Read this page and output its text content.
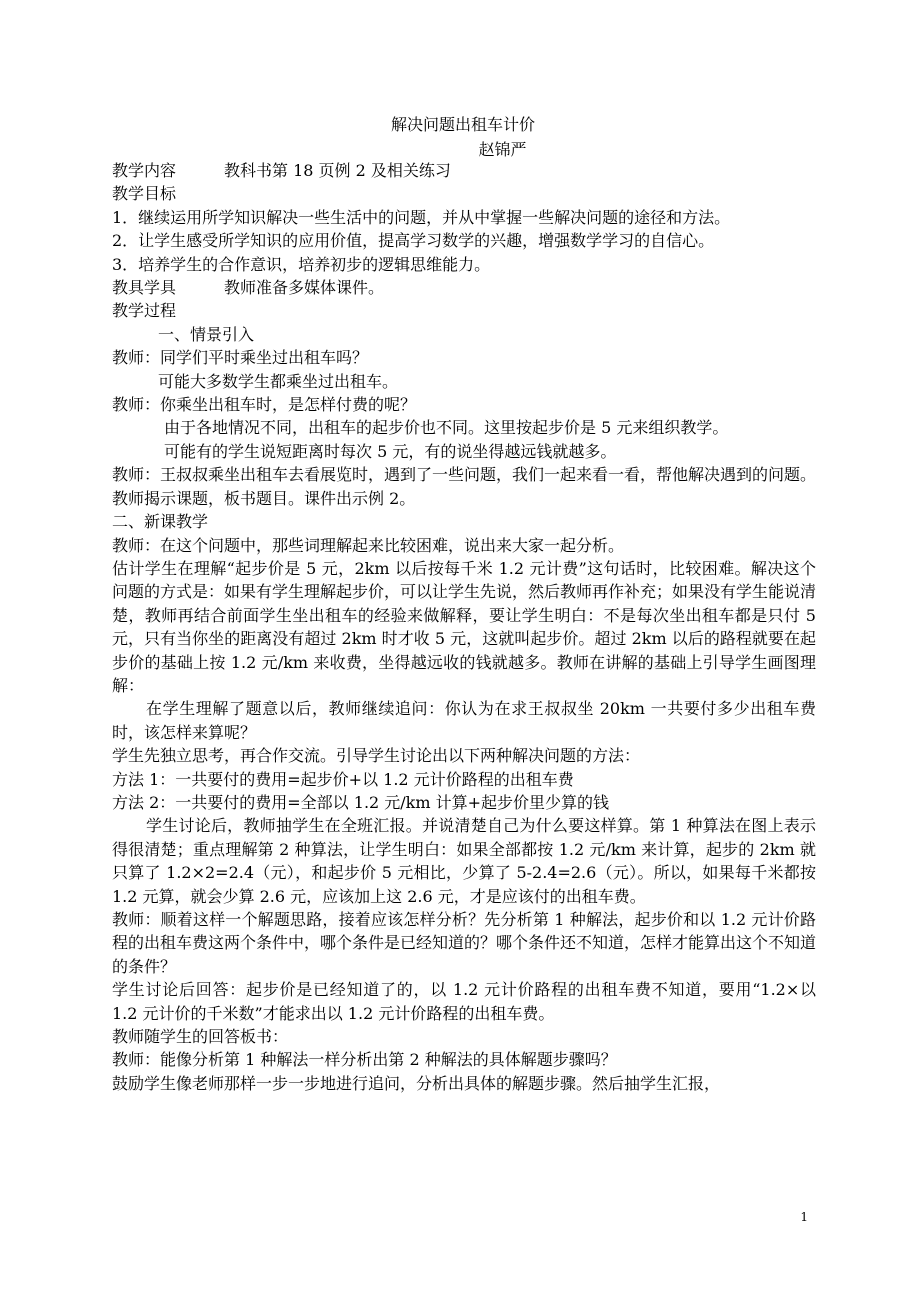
解决问题出租车计价
赵锦严

教学内容	教科书第 18 页例 2 及相关练习

教学目标

1．继续运用所学知识解决一些生活中的问题，并从中掌握一些解决问题的途径和方法。

2．让学生感受所学知识的应用价值，提高学习数学的兴趣，增强数学学习的自信心。

3．培养学生的合作意识，培养初步的逻辑思维能力。

教具学具	教师准备多媒体课件。

教学过程

一、情景引入

教师：同学们平时乘坐过出租车吗？

可能大多数学生都乘坐过出租车。

教师：你乘坐出租车时，是怎样付费的呢？

由于各地情况不同，出租车的起步价也不同。这里按起步价是 5 元来组织教学。

可能有的学生说短距离时每次 5 元，有的说坐得越远钱就越多。

教师：王叔叔乘坐出租车去看展览时，遇到了一些问题，我们一起来看一看，帮他解决遇到的问题。

教师揭示课题，板书题目。课件出示例 2。

二、新课教学

教师：在这个问题中，那些词理解起来比较困难，说出来大家一起分析。

估计学生在理解“起步价是 5 元，2km 以后按每千米 1.2 元计费”这句话时，比较困难。解决这个问题的方式是：如果有学生理解起步价，可以让学生先说，然后教师再作补充；如果没有学生能说清楚，教师再结合前面学生坐出租车的经验来做解释，要让学生明白：不是每次坐出租车都是只付 5 元，只有当你坐的距离没有超过 2km 时才收 5 元，这就叫起步价。超过 2km 以后的路程就要在起步价的基础上按 1.2 元/km 来收费，坐得越远收的钱就越多。教师在讲解的基础上引导学生画图理解：

在学生理解了题意以后，教师继续追问：你认为在求王叔叔坐 20km 一共要付多少出租车费时，该怎样来算呢？

学生先独立思考，再合作交流。引导学生讨论出以下两种解决问题的方法：

方法 1：一共要付的费用=起步价+以 1.2 元计价路程的出租车费

方法 2：一共要付的费用=全部以 1.2 元/km 计算+起步价里少算的钱

学生讨论后，教师抽学生在全班汇报。并说清楚自己为什么要这样算。第 1 种算法在图上表示得很清楚；重点理解第 2 种算法，让学生明白：如果全部都按 1.2 元/km 来计算，起步的 2km 就只算了 1.2×2=2.4（元），和起步价 5 元相比，少算了 5-2.4=2.6（元）。所以，如果每千米都按 1.2 元算，就会少算 2.6 元，应该加上这 2.6 元，才是应该付的出租车费。

教师：顺着这样一个解题思路，接着应该怎样分析？先分析第 1 种解法，起步价和以 1.2 元计价路程的出租车费这两个条件中，哪个条件是已经知道的？哪个条件还不知道，怎样才能算出这个不知道的条件？

学生讨论后回答：起步价是已经知道了的，以 1.2 元计价路程的出租车费不知道，要用“1.2×以 1.2 元计价的千米数”才能求出以 1.2 元计价路程的出租车费。

教师随学生的回答板书：

教师：能像分析第 1 种解法一样分析出第 2 种解法的具体解题步骤吗？

鼓励学生像老师那样一步一步地进行追问，分析出具体的解题步骤。然后抽学生汇报，

1
